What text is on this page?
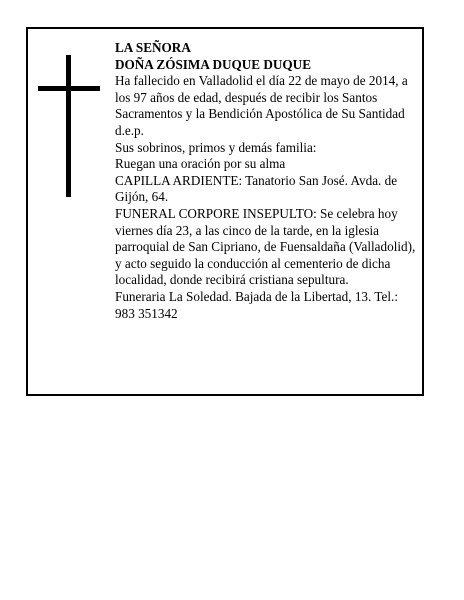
LA SEÑORA

DOÑA ZÓSIMA DUQUE DUQUE

Ha fallecido en Valladolid el día 22 de mayo de 2014, a los 97 años de edad, después de recibir los Santos Sacramentos y la Bendición Apostólica de Su Santidad d.e.p.

Sus sobrinos, primos y demás familia:

Ruegan una oración por su alma

CAPILLA ARDIENTE: Tanatorio San José. Avda. de Gijón, 64.

FUNERAL CORPORE INSEPULTO: Se celebra hoy viernes día 23, a las cinco de la tarde, en la iglesia parroquial de San Cipriano, de Fuensaldaña (Valladolid), y acto seguido la conducción al cementerio de dicha localidad, donde recibirá cristiana sepultura.

Funeraria La Soledad. Bajada de la Libertad, 13. Tel.: 983 351342
